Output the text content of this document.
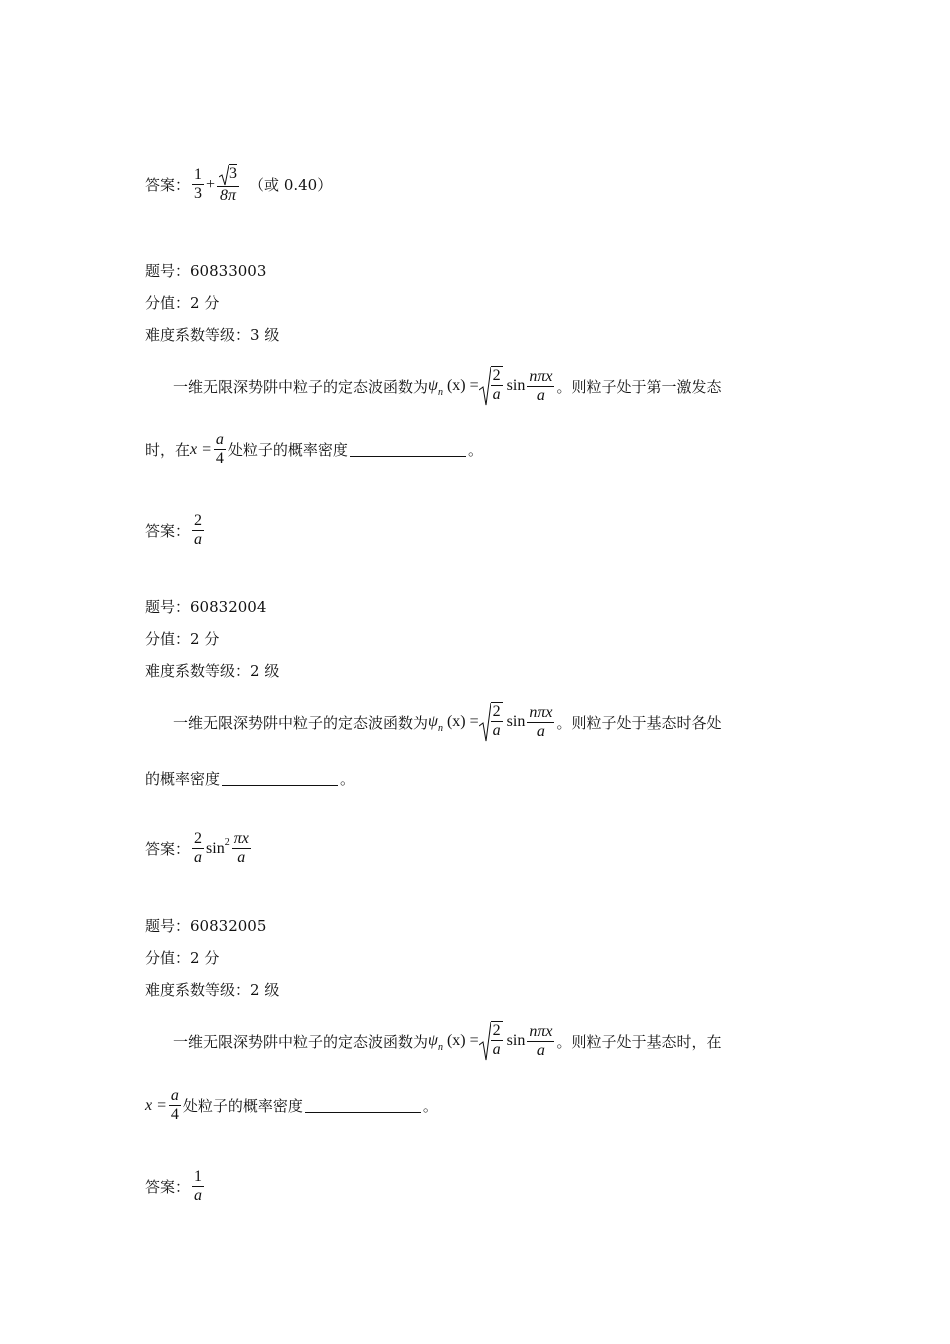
答案： $\frac{1}{3} + \frac{3}{8\pi}$ （或 0.40）
题号：60833003
分值：2 分
难度系数等级：3 级
一维无限深势阱中粒子的定态波函数为 $\psi_n$ $(x) = \frac{2}{a}$ $\sin \frac{\text{nπx}}{a}$ 。则粒子处于第一激发态
时，在 $x = \frac{a}{4}$ 处粒子的概率密度	。
答案： $\frac{2}{a}$
题号：60832004
分值：2 分
难度系数等级：2 级
一维无限深势阱中粒子的定态波函数为 $\psi_n$ $(x) = \frac{2}{a}$ $\sin \frac{\text{nπx}}{a}$ 。则粒子处于基态时各处
的概率密度	。
答案： $\frac{2}{a} \sin^2 \frac{\pi x}{a}$
题号：60832005
分值：2 分
难度系数等级：2 级
一维无限深势阱中粒子的定态波函数为 $\psi_n$ $(x) = \frac{2}{a}$ $\sin \frac{\text{nπx}}{a}$ 。则粒子处于基态时，在
$x = \frac{a}{4}$ 处粒子的概率密度	。
答案： $\frac{1}{a}$
